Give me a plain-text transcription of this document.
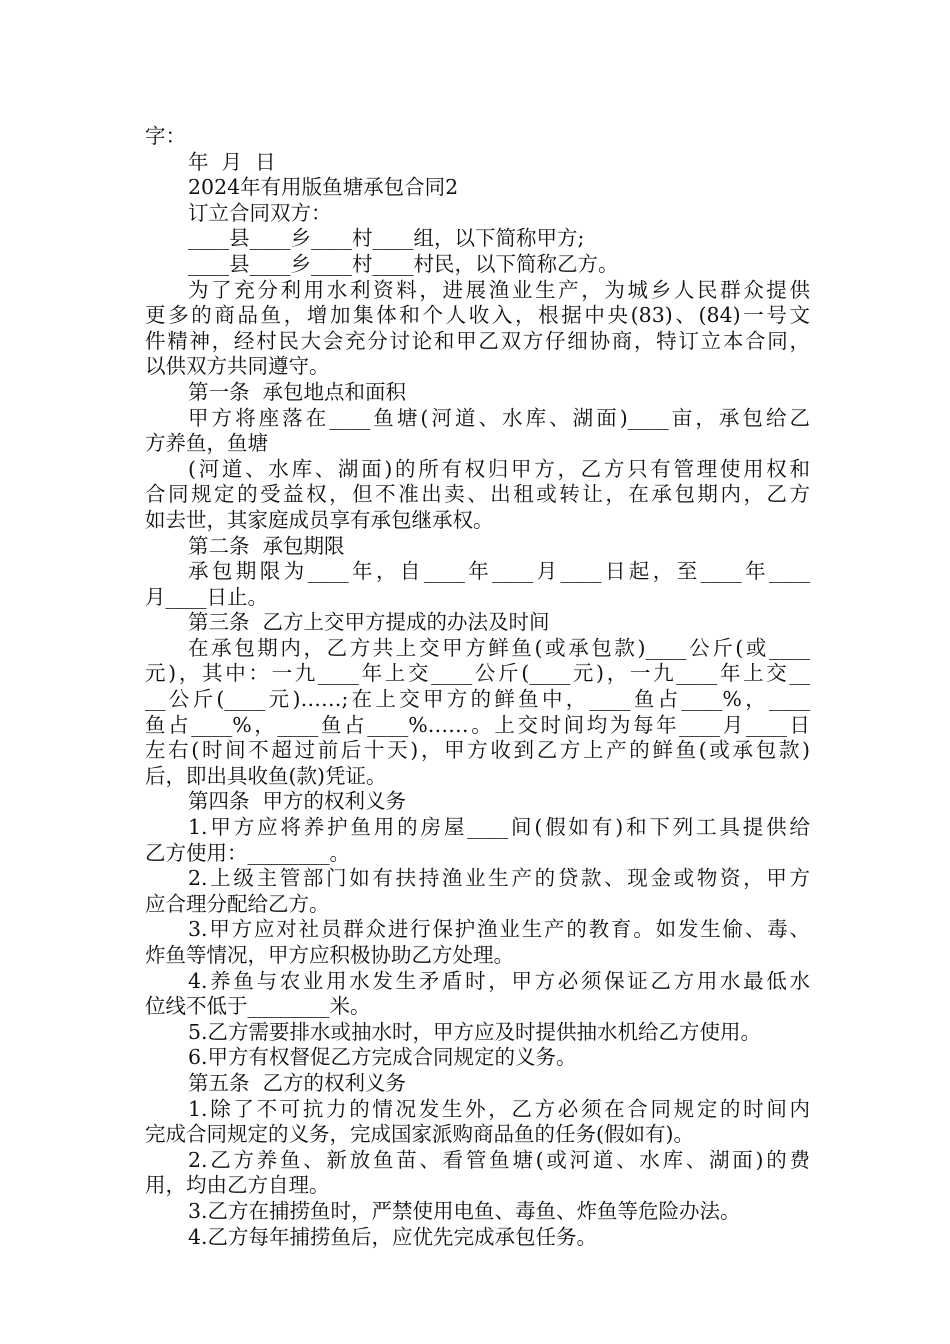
字：
年  月  日
2024年有用版鱼塘承包合同2
订立合同双方：
____县____乡____村____组，以下简称甲方;
____县____乡____村____村民，以下简称乙方。
为了充分利用水利资料，进展渔业生产，为城乡人民群众提供
更多的商品鱼，增加集体和个人收入，根据中央(83)、(84)一号文
件精神，经村民大会充分讨论和甲乙双方仔细协商，特订立本合同，
以供双方共同遵守。
第一条  承包地点和面积
甲方将座落在____鱼塘(河道、水库、湖面)____亩，承包给乙
方养鱼，鱼塘
(河道、水库、湖面)的所有权归甲方，乙方只有管理使用权和
合同规定的受益权，但不准出卖、出租或转让，在承包期内，乙方
如去世，其家庭成员享有承包继承权。
第二条  承包期限
承包期限为____年，自____年____月____日起，至____年____
月____日止。
第三条  乙方上交甲方提成的办法及时间
在承包期内，乙方共上交甲方鲜鱼(或承包款)____公斤(或____
元)，其中：一九____年上交____公斤(____元)，一九____年上交__
__公斤(____元)……;在上交甲方的鲜鱼中，____鱼占____%，____
鱼占____%，____鱼占____%……。上交时间均为每年____月____日
左右(时间不超过前后十天)，甲方收到乙方上产的鲜鱼(或承包款)
后，即出具收鱼(款)凭证。
第四条  甲方的权利义务
1.甲方应将养护鱼用的房屋____间(假如有)和下列工具提供给
乙方使用：________。
2.上级主管部门如有扶持渔业生产的贷款、现金或物资，甲方
应合理分配给乙方。
3.甲方应对社员群众进行保护渔业生产的教育。如发生偷、毒、
炸鱼等情况，甲方应积极协助乙方处理。
4.养鱼与农业用水发生矛盾时，甲方必须保证乙方用水最低水
位线不低于________米。
5.乙方需要排水或抽水时，甲方应及时提供抽水机给乙方使用。
6.甲方有权督促乙方完成合同规定的义务。
第五条  乙方的权利义务
1.除了不可抗力的情况发生外，乙方必须在合同规定的时间内
完成合同规定的义务，完成国家派购商品鱼的任务(假如有)。
2.乙方养鱼、新放鱼苗、看管鱼塘(或河道、水库、湖面)的费
用，均由乙方自理。
3.乙方在捕捞鱼时，严禁使用电鱼、毒鱼、炸鱼等危险办法。
4.乙方每年捕捞鱼后，应优先完成承包任务。
